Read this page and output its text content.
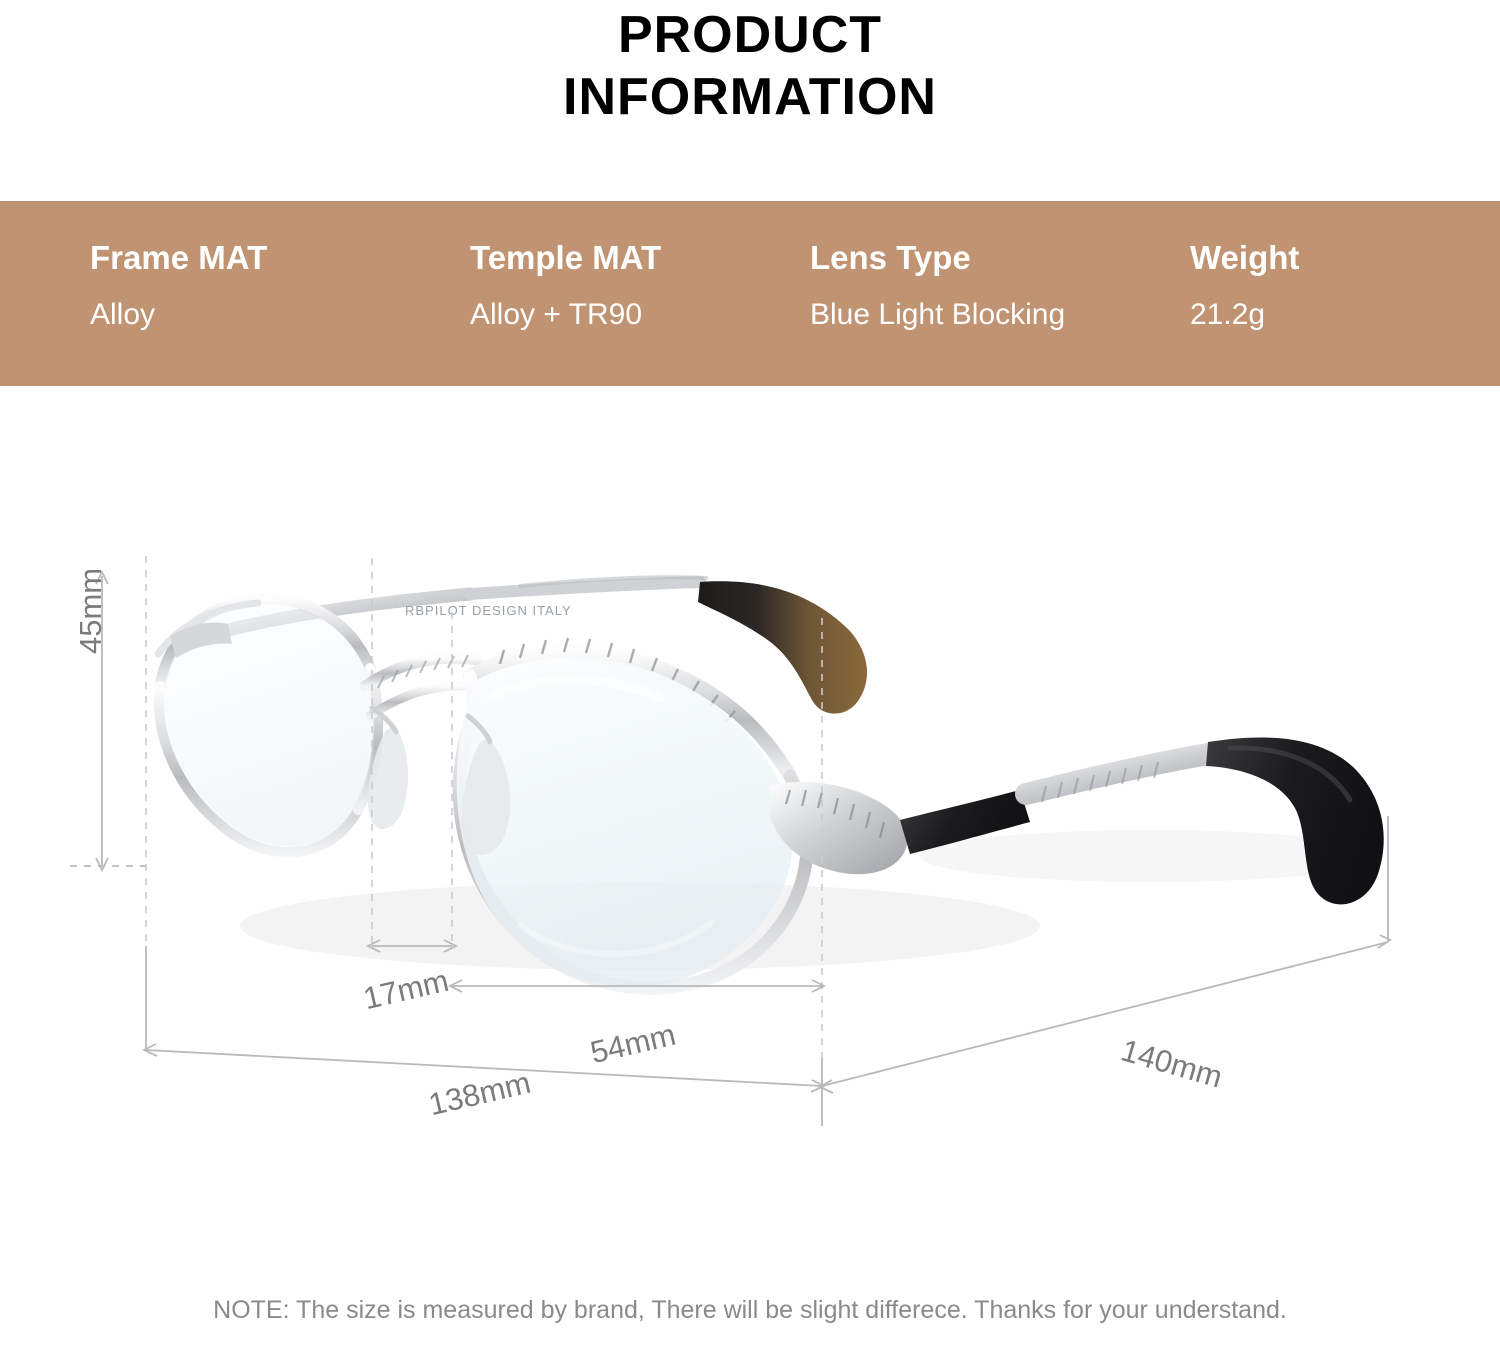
PRODUCT
INFORMATION
Frame MAT
Alloy
Temple MAT
Alloy + TR90
Lens Type
Blue Light Blocking
Weight
21.2g
RBPILOT DESIGN ITALY
45mm
17mm
54mm
138mm	140mm
NOTE: The size is measured by brand, There will be slight differece. Thanks for your understand.
